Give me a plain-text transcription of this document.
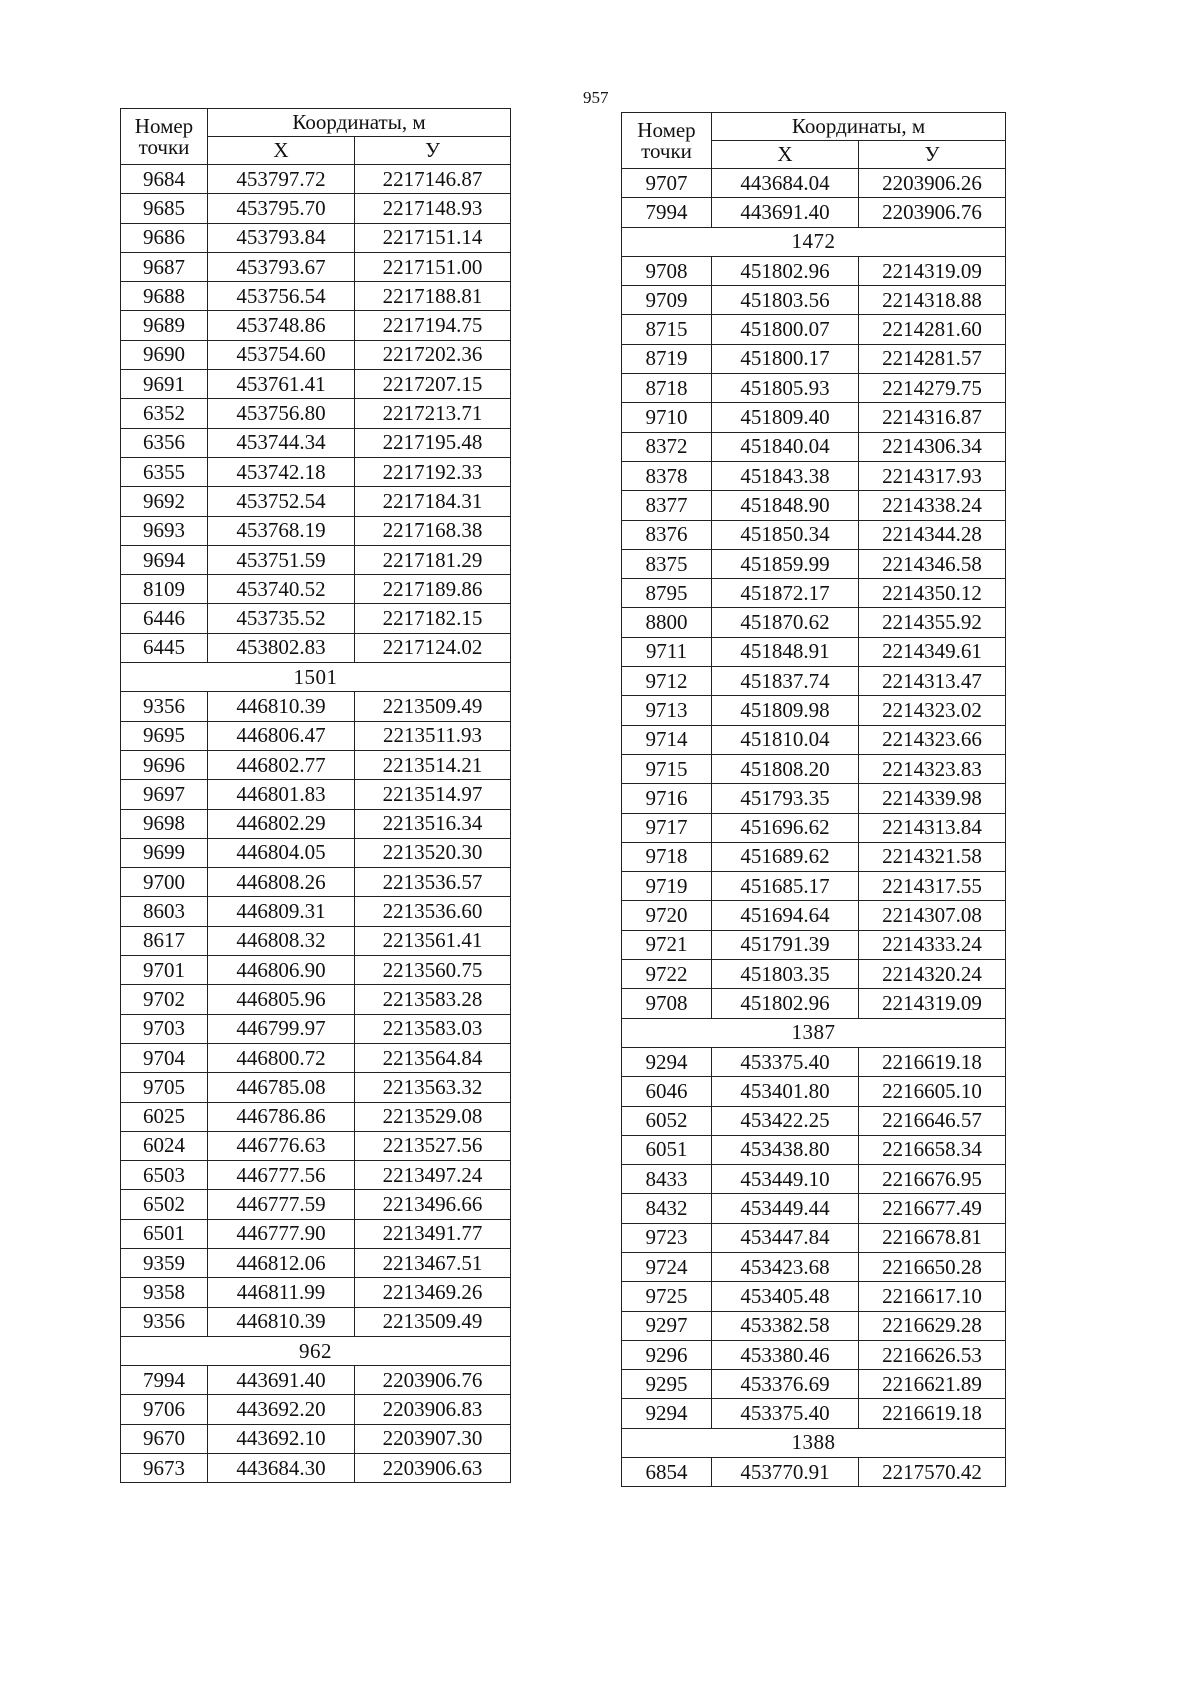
957
Номер
точки	Координаты, м	
	X	У
9684	453797.72	2217146.87
9685	453795.70	2217148.93
9686	453793.84	2217151.14
9687	453793.67	2217151.00
9688	453756.54	2217188.81
9689	453748.86	2217194.75
9690	453754.60	2217202.36
9691	453761.41	2217207.15
6352	453756.80	2217213.71
6356	453744.34	2217195.48
6355	453742.18	2217192.33
9692	453752.54	2217184.31
9693	453768.19	2217168.38
9694	453751.59	2217181.29
8109	453740.52	2217189.86
6446	453735.52	2217182.15
6445	453802.83	2217124.02
1501		
9356	446810.39	2213509.49
9695	446806.47	2213511.93
9696	446802.77	2213514.21
9697	446801.83	2213514.97
9698	446802.29	2213516.34
9699	446804.05	2213520.30
9700	446808.26	2213536.57
8603	446809.31	2213536.60
8617	446808.32	2213561.41
9701	446806.90	2213560.75
9702	446805.96	2213583.28
9703	446799.97	2213583.03
9704	446800.72	2213564.84
9705	446785.08	2213563.32
6025	446786.86	2213529.08
6024	446776.63	2213527.56
6503	446777.56	2213497.24
6502	446777.59	2213496.66
6501	446777.90	2213491.77
9359	446812.06	2213467.51
9358	446811.99	2213469.26
9356	446810.39	2213509.49
962		
7994	443691.40	2203906.76
9706	443692.20	2203906.83
9670	443692.10	2203907.30
9673	443684.30	2203906.63
Номер
точки	Координаты, м	
	X	У
9707	443684.04	2203906.26
7994	443691.40	2203906.76
1472		
9708	451802.96	2214319.09
9709	451803.56	2214318.88
8715	451800.07	2214281.60
8719	451800.17	2214281.57
8718	451805.93	2214279.75
9710	451809.40	2214316.87
8372	451840.04	2214306.34
8378	451843.38	2214317.93
8377	451848.90	2214338.24
8376	451850.34	2214344.28
8375	451859.99	2214346.58
8795	451872.17	2214350.12
8800	451870.62	2214355.92
9711	451848.91	2214349.61
9712	451837.74	2214313.47
9713	451809.98	2214323.02
9714	451810.04	2214323.66
9715	451808.20	2214323.83
9716	451793.35	2214339.98
9717	451696.62	2214313.84
9718	451689.62	2214321.58
9719	451685.17	2214317.55
9720	451694.64	2214307.08
9721	451791.39	2214333.24
9722	451803.35	2214320.24
9708	451802.96	2214319.09
1387		
9294	453375.40	2216619.18
6046	453401.80	2216605.10
6052	453422.25	2216646.57
6051	453438.80	2216658.34
8433	453449.10	2216676.95
8432	453449.44	2216677.49
9723	453447.84	2216678.81
9724	453423.68	2216650.28
9725	453405.48	2216617.10
9297	453382.58	2216629.28
9296	453380.46	2216626.53
9295	453376.69	2216621.89
9294	453375.40	2216619.18
1388		
6854	453770.91	2217570.42
